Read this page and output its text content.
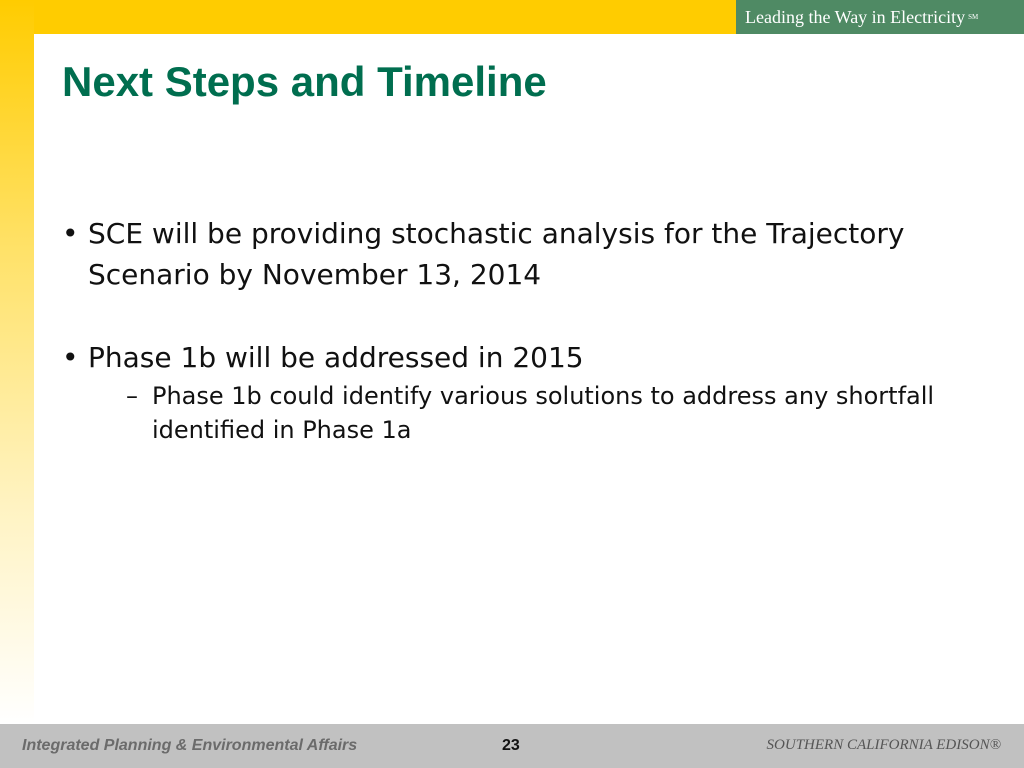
Leading the Way in Electricity SM
Next Steps and Timeline
• SCE will be providing stochastic analysis for the Trajectory Scenario by November 13, 2014
• Phase 1b will be addressed in 2015
– Phase 1b could identify various solutions to address any shortfall identified in Phase 1a
Integrated Planning & Environmental Affairs	23	SOUTHERN CALIFORNIA EDISON®
